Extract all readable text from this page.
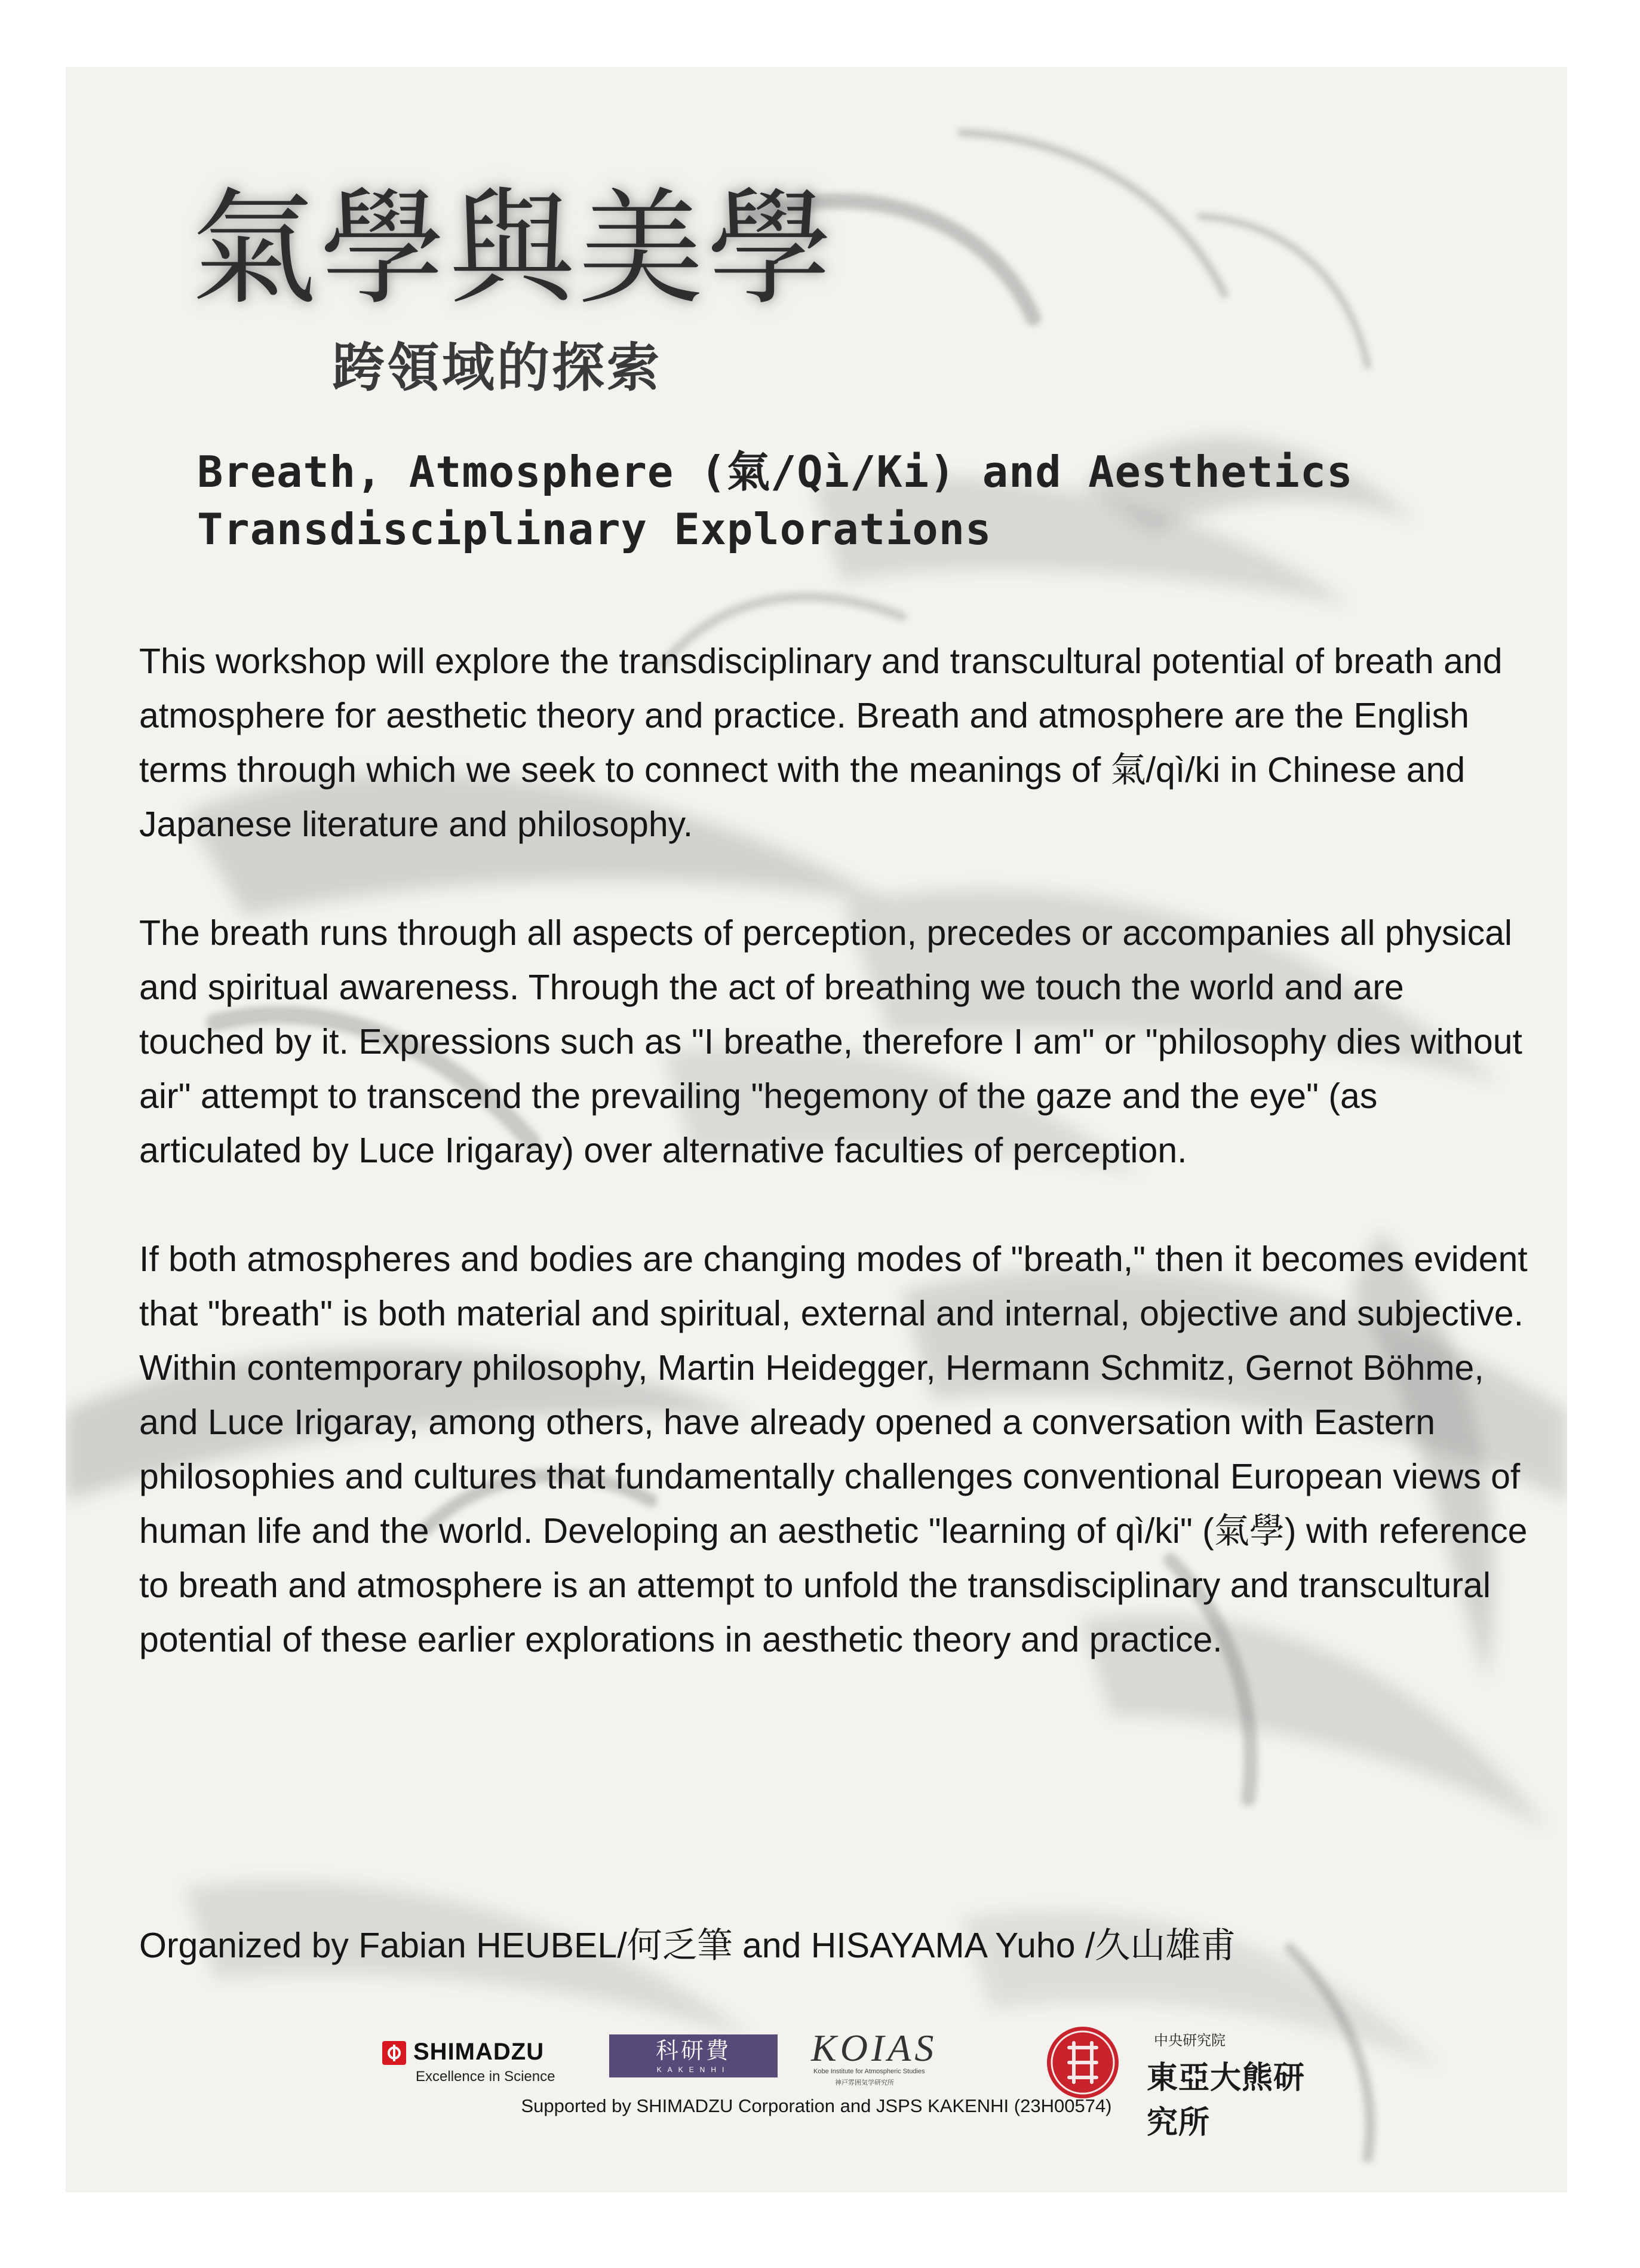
氣學與美學
跨領域的探索
Breath, Atmosphere (氣/Qì/Ki) and Aesthetics
Transdisciplinary Explorations

This workshop will explore the transdisciplinary and transcultural potential of breath and atmosphere for aesthetic theory and practice. Breath and atmosphere are the English terms through which we seek to connect with the meanings of 氣/qì/ki in Chinese and Japanese literature and philosophy.

The breath runs through all aspects of perception, precedes or accompanies all physical and spiritual awareness. Through the act of breathing we touch the world and are touched by it. Expressions such as "I breathe, therefore I am" or "philosophy dies without air" attempt to transcend the prevailing "hegemony of the gaze and the eye" (as articulated by Luce Irigaray) over alternative faculties of perception.

If both atmospheres and bodies are changing modes of "breath," then it becomes evident that "breath" is both material and spiritual, external and internal, objective and subjective. Within contemporary philosophy, Martin Heidegger, Hermann Schmitz, Gernot Böhme, and Luce Irigaray, among others, have already opened a conversation with Eastern philosophies and cultures that fundamentally challenges conventional European views of human life and the world. Developing an aesthetic "learning of qì/ki" (氣學) with reference to breath and atmosphere is an attempt to unfold the transdisciplinary and transcultural potential of these earlier explorations in aesthetic theory and practice.

Organized by Fabian HEUBEL/何乏筆 and HISAYAMA Yuho /久山雄甫

SHIMADZU
Excellence in Science
科研費
KAKENHI
KOIAS
Kobe Institute for Atmospheric Studies
神戸雰囲気学研究所
中央研究院
東亞大熊研究所

Supported by SHIMADZU Corporation and JSPS KAKENHI (23H00574)
